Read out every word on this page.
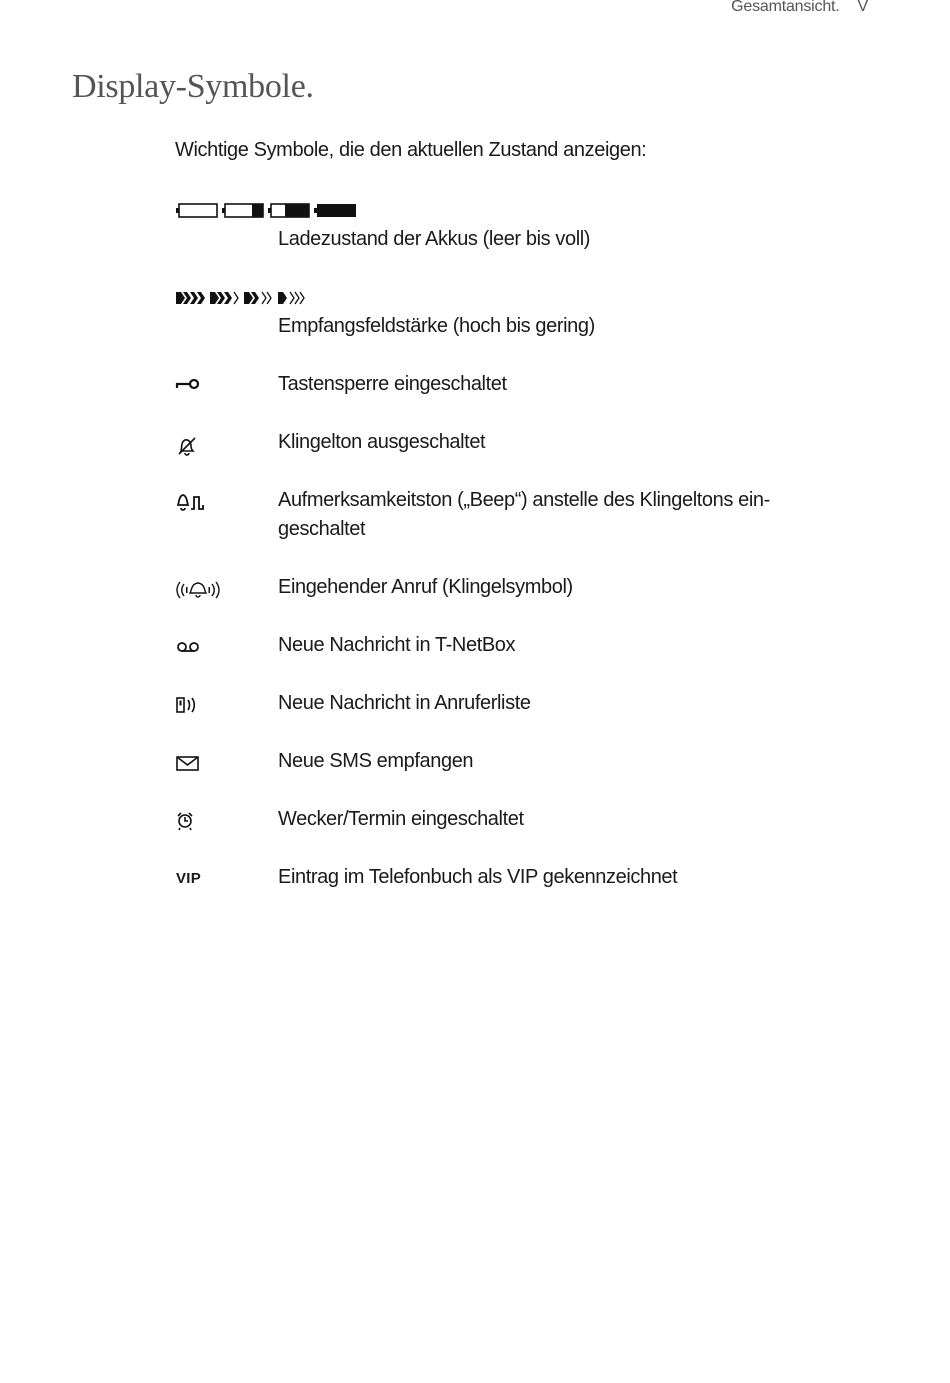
Gesamtansicht. V
Display-Symbole.

Wichtige Symbole, die den aktuellen Zustand anzeigen:

Ladezustand der Akkus (leer bis voll)
Empfangsfeldstärke (hoch bis gering)
Tastensperre eingeschaltet
Klingelton ausgeschaltet
Aufmerksamkeitston („Beep“) anstelle des Klingeltons ein-geschaltet
Eingehender Anruf (Klingelsymbol)
Neue Nachricht in T-NetBox
Neue Nachricht in Anruferliste
Neue SMS empfangen
Wecker/Termin eingeschaltet
VIP	Eintrag im Telefonbuch als VIP gekennzeichnet
